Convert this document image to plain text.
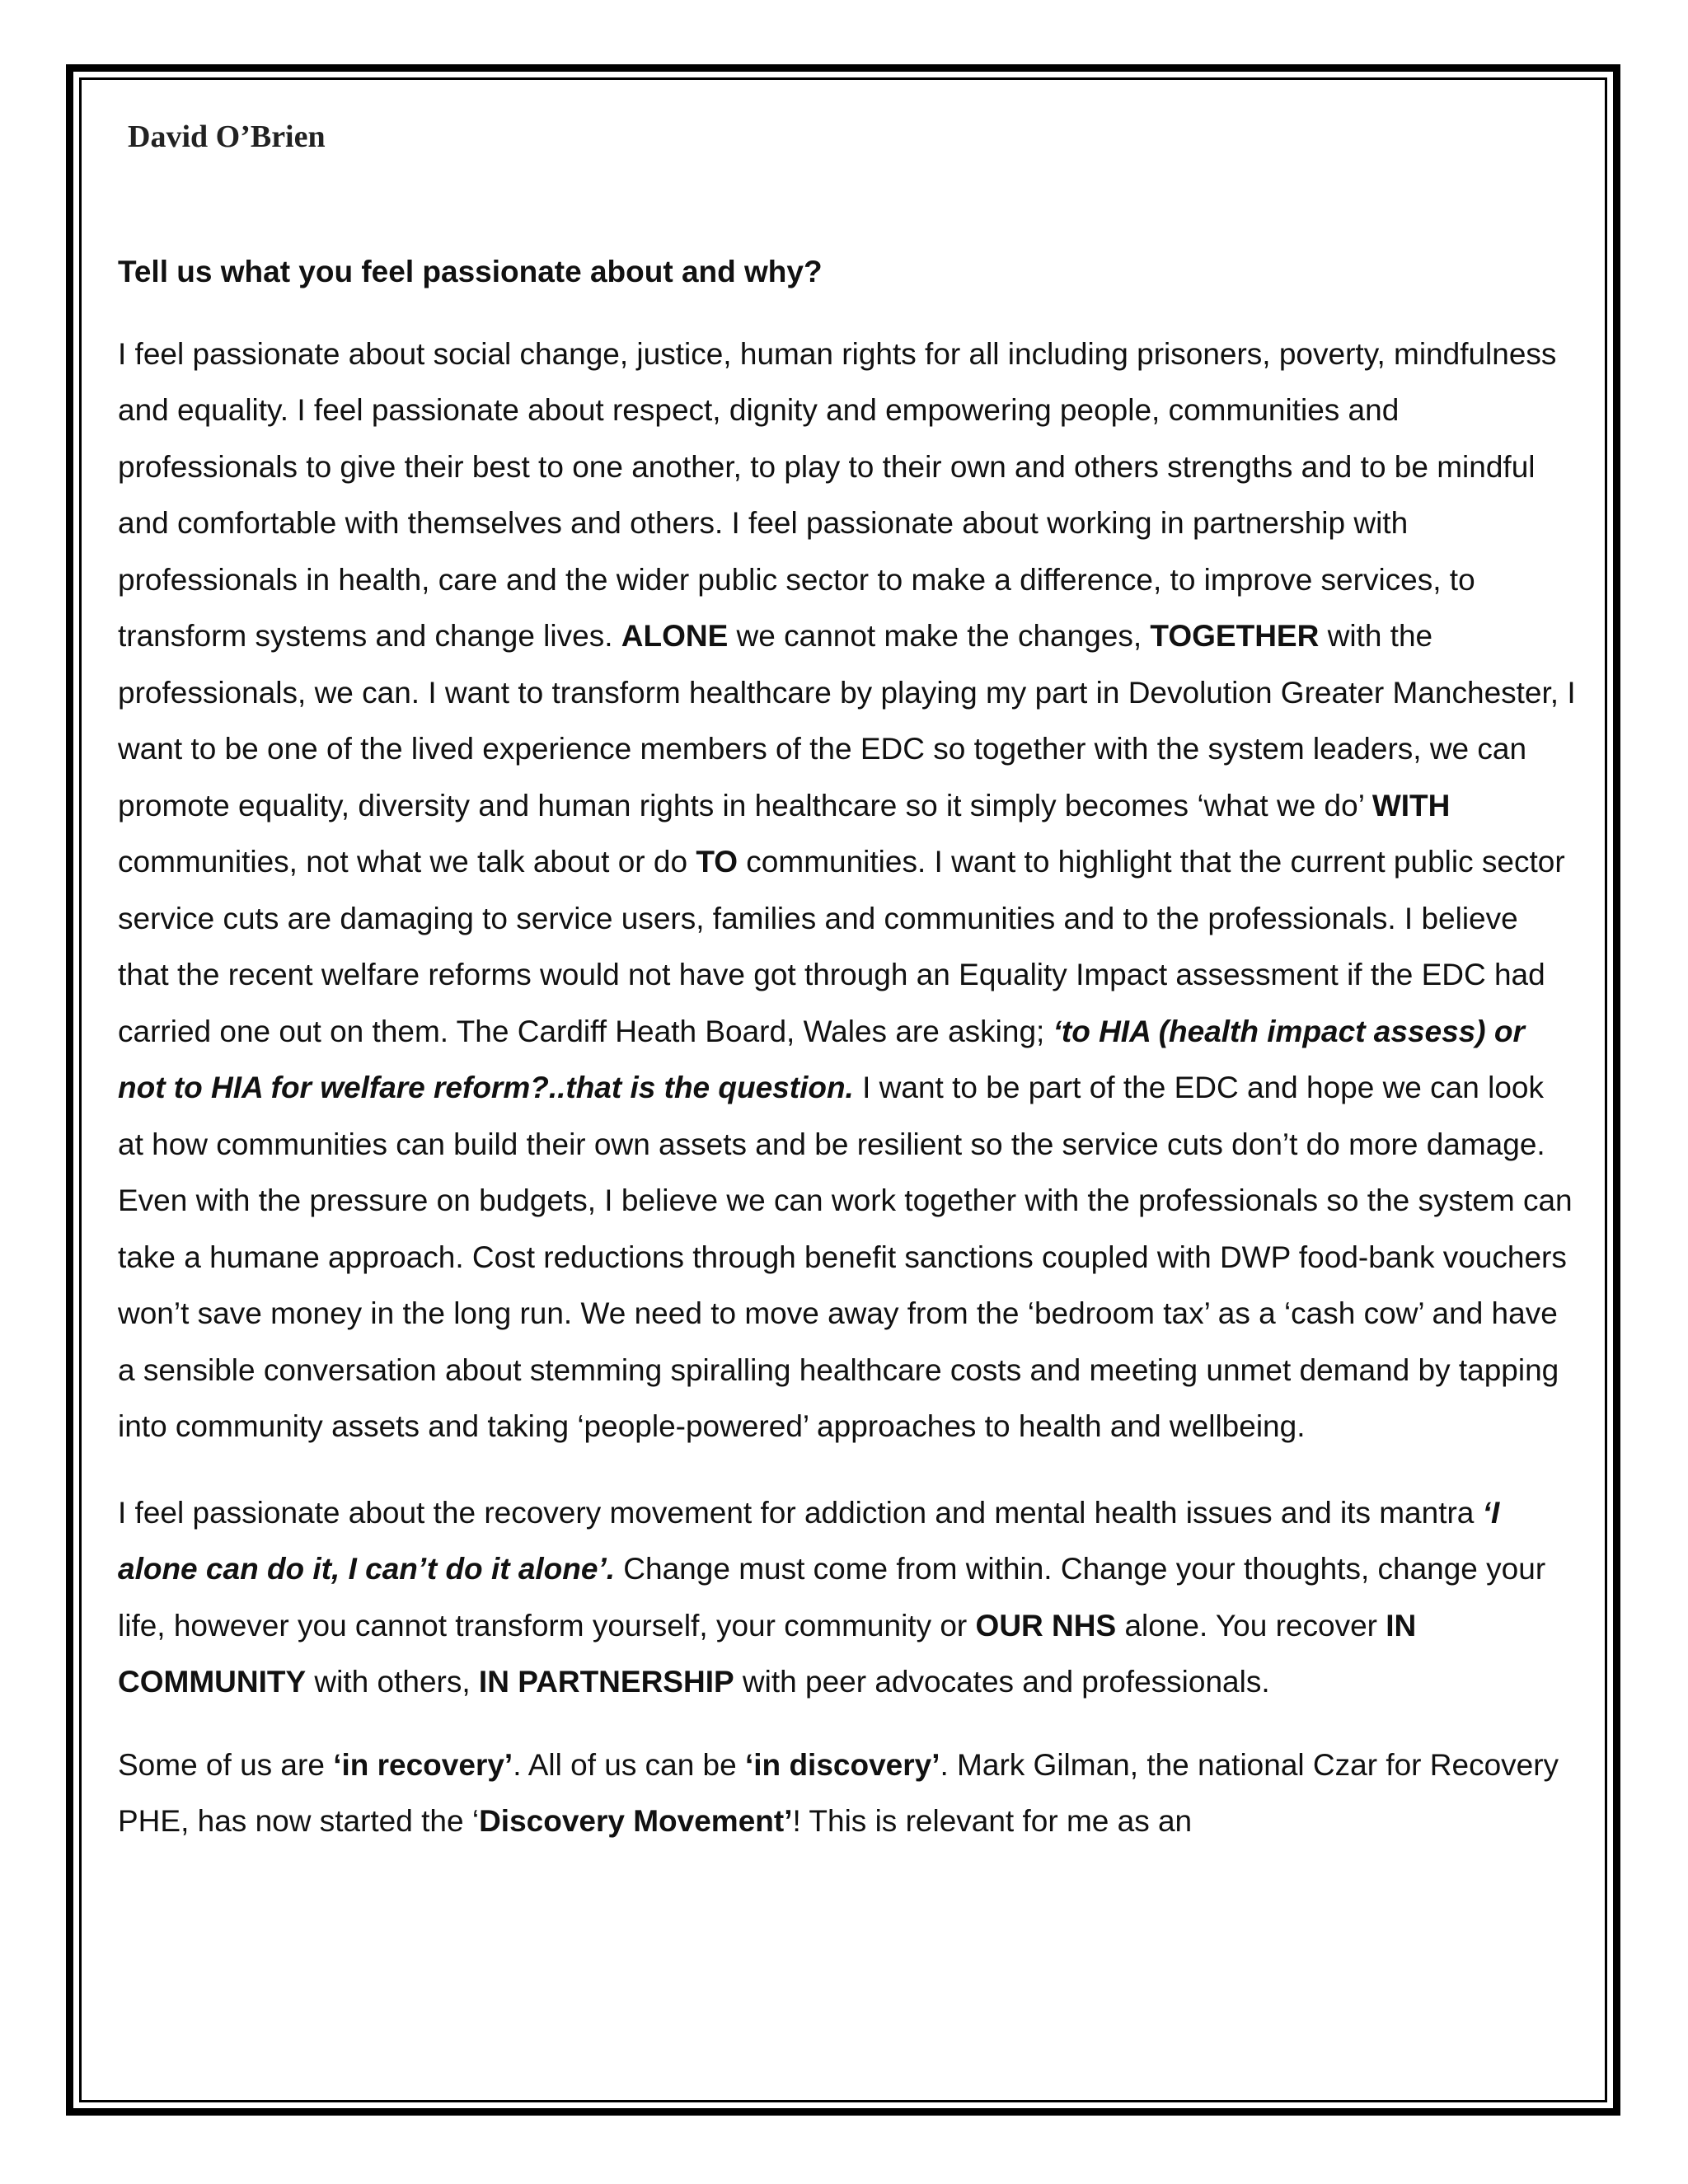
David O’Brien
Tell us what you feel passionate about and why?

I feel passionate about social change, justice, human rights for all including prisoners, poverty, mindfulness and equality. I feel passionate about respect, dignity and empowering people, communities and professionals to give their best to one another, to play to their own and others strengths and to be mindful and comfortable with themselves and others. I feel passionate about working in partnership with professionals in health, care and the wider public sector to make a difference, to improve services, to transform systems and change lives. ALONE we cannot make the changes, TOGETHER with the professionals, we can. I want to transform healthcare by playing my part in Devolution Greater Manchester, I want to be one of the lived experience members of the EDC so together with the system leaders, we can promote equality, diversity and human rights in healthcare so it simply becomes ‘what we do’ WITH communities, not what we talk about or do TO communities. I want to highlight that the current public sector service cuts are damaging to service users, families and communities and to the professionals. I believe that the recent welfare reforms would not have got through an Equality Impact assessment if the EDC had carried one out on them. The Cardiff Heath Board, Wales are asking; ‘to HIA (health impact assess) or not to HIA for welfare reform?..that is the question. I want to be part of the EDC and hope we can look at how communities can build their own assets and be resilient so the service cuts don’t do more damage. Even with the pressure on budgets, I believe we can work together with the professionals so the system can take a humane approach. Cost reductions through benefit sanctions coupled with DWP food-bank vouchers won’t save money in the long run. We need to move away from the ‘bedroom tax’ as a ‘cash cow’ and have a sensible conversation about stemming spiralling healthcare costs and meeting unmet demand by tapping into community assets and taking ‘people-powered’ approaches to health and wellbeing.

I feel passionate about the recovery movement for addiction and mental health issues and its mantra ‘I alone can do it, I can’t do it alone’. Change must come from within. Change your thoughts, change your life, however you cannot transform yourself, your community or OUR NHS alone. You recover IN COMMUNITY with others, IN PARTNERSHIP with peer advocates and professionals.

Some of us are ‘in recovery’. All of us can be ‘in discovery’. Mark Gilman, the national Czar for Recovery PHE, has now started the ‘Discovery Movement’! This is relevant for me as an
